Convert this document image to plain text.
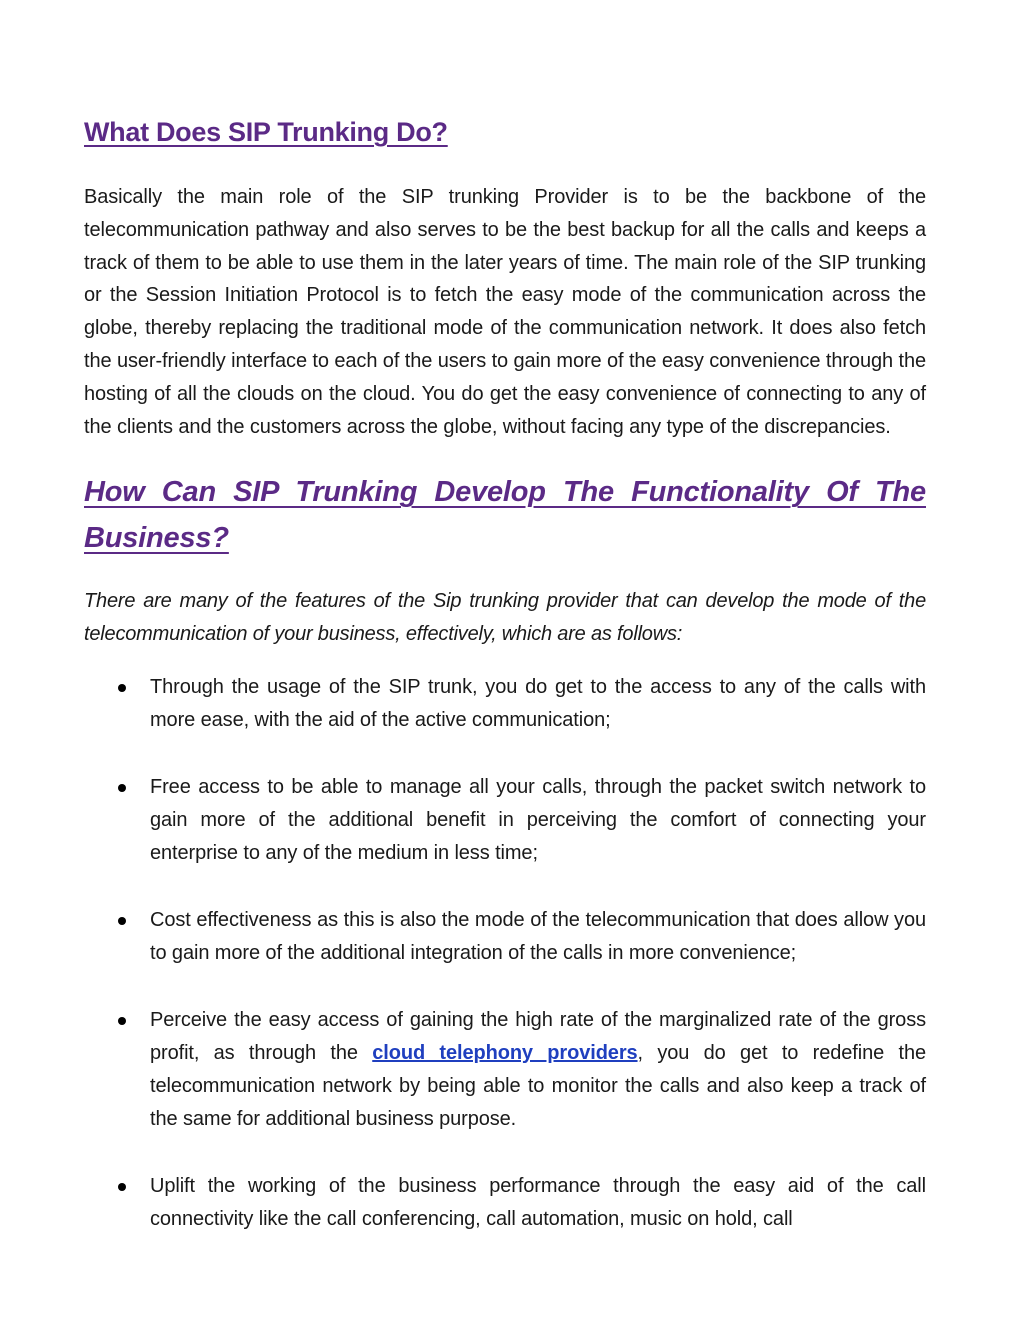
What Does SIP Trunking Do?

Basically the main role of the SIP trunking Provider is to be the backbone of the telecommunication pathway and also serves to be the best backup for all the calls and keeps a track of them to be able to use them in the later years of time. The main role of the SIP trunking or the Session Initiation Protocol is to fetch the easy mode of the communication across the globe, thereby replacing the traditional mode of the communication network. It does also fetch the user-friendly interface to each of the users to gain more of the easy convenience through the hosting of all the clouds on the cloud. You do get the easy convenience of connecting to any of the clients and the customers across the globe, without facing any type of the discrepancies.

How Can SIP Trunking Develop The Functionality Of The Business?

There are many of the features of the Sip trunking provider that can develop the mode of the telecommunication of your business, effectively, which are as follows:

Through the usage of the SIP trunk, you do get to the access to any of the calls with more ease, with the aid of the active communication;
Free access to be able to manage all your calls, through the packet switch network to gain more of the additional benefit in perceiving the comfort of connecting your enterprise to any of the medium in less time;
Cost effectiveness as this is also the mode of the telecommunication that does allow you to gain more of the additional integration of the calls in more convenience;
Perceive the easy access of gaining the high rate of the marginalized rate of the gross profit, as through the cloud telephony providers, you do get to redefine the telecommunication network by being able to monitor the calls and also keep a track of the same for additional business purpose.
Uplift the working of the business performance through the easy aid of the call connectivity like the call conferencing, call automation, music on hold, call
